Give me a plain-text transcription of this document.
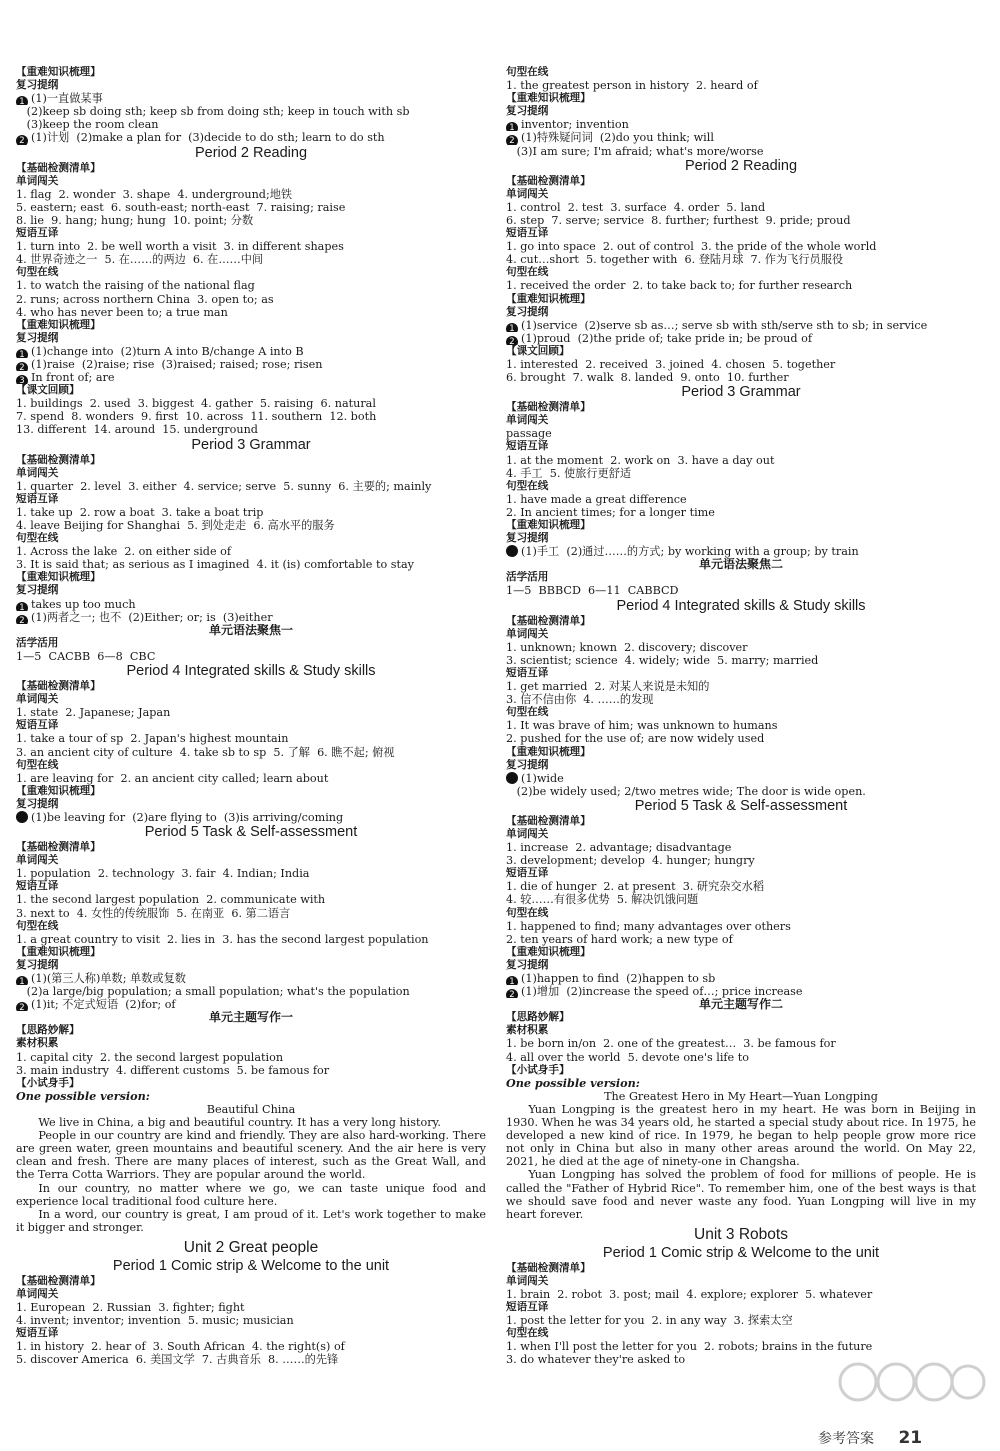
【重难知识梳理】
复习提纲
1 (1)一直做某事
(2)keep sb doing sth; keep sb from doing sth; keep in touch with sb
(3)keep the room clean
2 (1)计划  (2)make a plan for  (3)decide to do sth; learn to do sth
Period 2 Reading
【基础检测清单】
单词闯关
1. flag  2. wonder  3. shape  4. underground;地铁
5. eastern; east  6. south-east; north-east  7. raising; raise
8. lie  9. hang; hung; hung  10. point; 分数
短语互译
1. turn into  2. be well worth a visit  3. in different shapes
4. 世界奇迹之一  5. 在……的两边  6. 在……中间
句型在线
1. to watch the raising of the national flag
2. runs; across northern China  3. open to; as
4. who has never been to; a true man
【重难知识梳理】
复习提纲
1 (1)change into  (2)turn A into B/change A into B
2 (1)raise  (2)raise; rise  (3)raised; raised; rose; risen
3 In front of; are
【课文回顾】
1. buildings  2. used  3. biggest  4. gather  5. raising  6. natural
7. spend  8. wonders  9. first  10. across  11. southern  12. both
13. different  14. around  15. underground
Period 3 Grammar
【基础检测清单】
单词闯关
1. quarter  2. level  3. either  4. service; serve  5. sunny  6. 主要的; mainly
短语互译
1. take up  2. row a boat  3. take a boat trip
4. leave Beijing for Shanghai  5. 到处走走  6. 高水平的服务
句型在线
1. Across the lake  2. on either side of
3. It is said that; as serious as I imagined  4. it (is) comfortable to stay
【重难知识梳理】
复习提纲
1 takes up too much
2 (1)两者之一; 也不  (2)Either; or; is  (3)either
单元语法聚焦一
活学活用
1—5  CACBB  6—8  CBC
Period 4 Integrated skills & Study skills
【基础检测清单】
单词闯关
1. state  2. Japanese; Japan
短语互译
1. take a tour of sp  2. Japan's highest mountain
3. an ancient city of culture  4. take sb to sp  5. 了解  6. 瞧不起; 俯视
句型在线
1. are leaving for  2. an ancient city called; learn about
【重难知识梳理】
复习提纲
(1)be leaving for  (2)are flying to  (3)is arriving/coming
Period 5 Task & Self-assessment
【基础检测清单】
单词闯关
1. population  2. technology  3. fair  4. Indian; India
短语互译
1. the second largest population  2. communicate with
3. next to  4. 女性的传统服饰  5. 在南亚  6. 第二语言
句型在线
1. a great country to visit  2. lies in  3. has the second largest population
【重难知识梳理】
复习提纲
1 (1)(第三人称)单数; 单数或复数
(2)a large/big population; a small population; what's the population
2 (1)it; 不定式短语  (2)for; of
单元主题写作一
【思路妙解】
素材积累
1. capital city  2. the second largest population
3. main industry  4. different customs  5. be famous for
【小试身手】
One possible version:

Beautiful China

We live in China, a big and beautiful country. It has a very long history.

People in our country are kind and friendly. They are also hard-working. There are green water, green mountains and beautiful scenery. And the air here is very clean and fresh. There are many places of interest, such as the Great Wall, and the Terra Cotta Warriors. They are popular around the world.

In our country, no matter where we go, we can taste unique food and experience local traditional food culture here.

In a word, our country is great, I am proud of it. Let's work together to make it bigger and stronger.

Unit 2 Great people
Period 1 Comic strip & Welcome to the unit
【基础检测清单】
单词闯关
1. European  2. Russian  3. fighter; fight
4. invent; inventor; invention  5. music; musician
短语互译
1. in history  2. hear of  3. South African  4. the right(s) of
5. discover America  6. 美国文学  7. 古典音乐  8. ……的先锋
句型在线
1. the greatest person in history  2. heard of
【重难知识梳理】
复习提纲
1 inventor; invention
2 (1)特殊疑问词  (2)do you think; will
(3)I am sure; I'm afraid; what's more/worse
Period 2 Reading
【基础检测清单】
单词闯关
1. control  2. test  3. surface  4. order  5. land
6. step  7. serve; service  8. further; furthest  9. pride; proud
短语互译
1. go into space  2. out of control  3. the pride of the whole world
4. cut…short  5. together with  6. 登陆月球  7. 作为飞行员服役
句型在线
1. received the order  2. to take back to; for further research
【重难知识梳理】
复习提纲
1 (1)service  (2)serve sb as…; serve sb with sth/serve sth to sb; in service
2 (1)proud  (2)the pride of; take pride in; be proud of
【课文回顾】
1. interested  2. received  3. joined  4. chosen  5. together
6. brought  7. walk  8. landed  9. onto  10. further
Period 3 Grammar
【基础检测清单】
单词闯关
passage
短语互译
1. at the moment  2. work on  3. have a day out
4. 手工  5. 使旅行更舒适
句型在线
1. have made a great difference
2. In ancient times; for a longer time
【重难知识梳理】
复习提纲
(1)手工  (2)通过……的方式; by working with a group; by train
单元语法聚焦二
活学活用
1—5  BBBCD  6—11  CABBCD
Period 4 Integrated skills & Study skills
【基础检测清单】
单词闯关
1. unknown; known  2. discovery; discover
3. scientist; science  4. widely; wide  5. marry; married
短语互译
1. get married  2. 对某人来说是未知的
3. 信不信由你  4. ……的发现
句型在线
1. It was brave of him; was unknown to humans
2. pushed for the use of; are now widely used
【重难知识梳理】
复习提纲
(1)wide
(2)be widely used; 2/two metres wide; The door is wide open.
Period 5 Task & Self-assessment
【基础检测清单】
单词闯关
1. increase  2. advantage; disadvantage
3. development; develop  4. hunger; hungry
短语互译
1. die of hunger  2. at present  3. 研究杂交水稻
4. 较……有很多优势  5. 解决饥饿问题
句型在线
1. happened to find; many advantages over others
2. ten years of hard work; a new type of
【重难知识梳理】
复习提纲
1 (1)happen to find  (2)happen to sb
2 (1)增加  (2)increase the speed of…; price increase
单元主题写作二
【思路妙解】
素材积累
1. be born in/on  2. one of the greatest…  3. be famous for
4. all over the world  5. devote one's life to
【小试身手】
One possible version:

The Greatest Hero in My Heart—Yuan Longping

Yuan Longping is the greatest hero in my heart. He was born in Beijing in 1930. When he was 34 years old, he started a special study about rice. In 1975, he developed a new kind of rice. In 1979, he began to help people grow more rice not only in China but also in many other areas around the world. On May 22, 2021, he died at the age of ninety-one in Changsha.

Yuan Longping has solved the problem of food for millions of people. He is called the "Father of Hybrid Rice". To remember him, one of the best ways is that we should save food and never waste any food. Yuan Longping will live in my heart forever.

Unit 3 Robots
Period 1 Comic strip & Welcome to the unit
【基础检测清单】
单词闯关
1. brain  2. robot  3. post; mail  4. explore; explorer  5. whatever
短语互译
1. post the letter for you  2. in any way  3. 探索太空
句型在线
1. when I'll post the letter for you  2. robots; brains in the future
3. do whatever they're asked to
参考答案 21
